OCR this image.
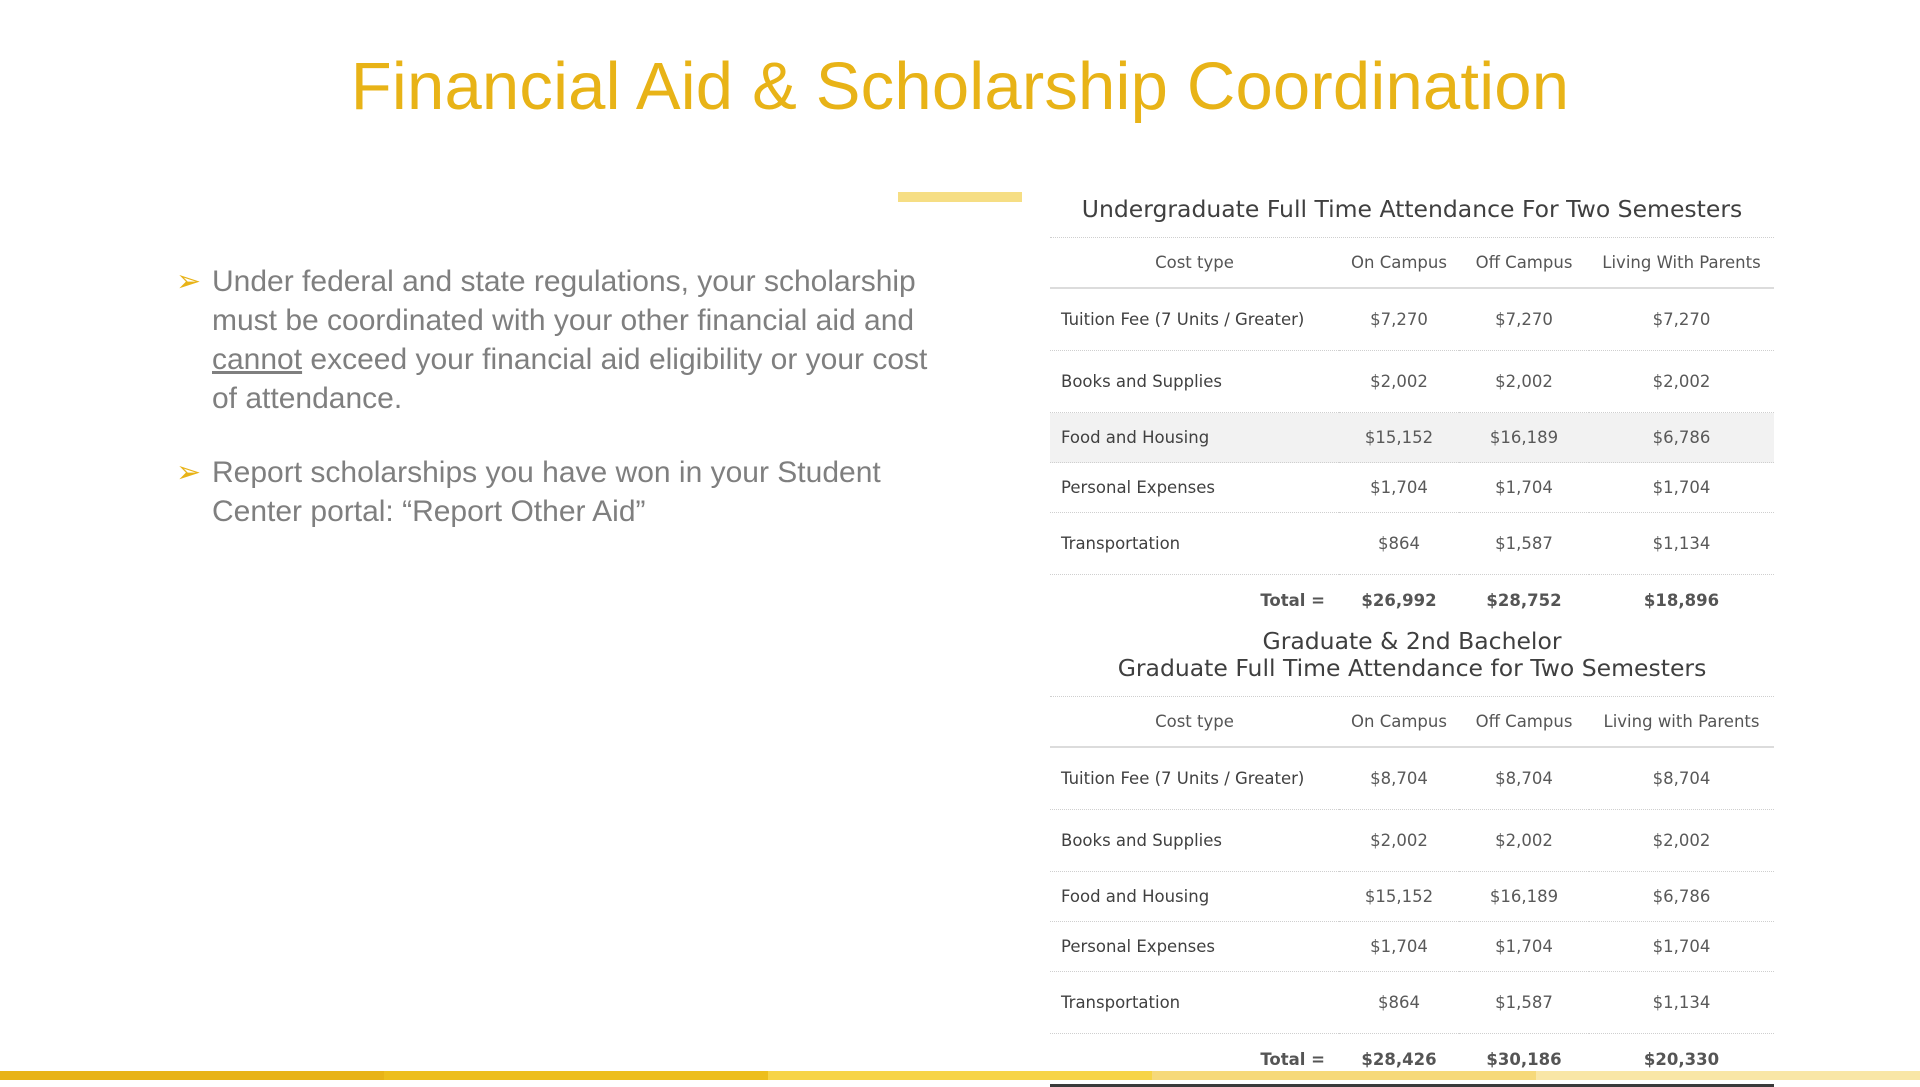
Financial Aid & Scholarship Coordination
➢ Under federal and state regulations, your scholarship must be coordinated with your other financial aid and cannot exceed your financial aid eligibility or your cost of attendance.
➢ Report scholarships you have won in your Student Center portal: “Report Other Aid”
Undergraduate Full Time Attendance For Two Semesters
Cost type	On Campus	Off Campus	Living With Parents
Tuition Fee (7 Units / Greater)	$7,270	$7,270	$7,270
Books and Supplies	$2,002	$2,002	$2,002
Food and Housing	$15,152	$16,189	$6,786
Personal Expenses	$1,704	$1,704	$1,704
Transportation	$864	$1,587	$1,134
Total =	$26,992	$28,752	$18,896
Graduate & 2nd Bachelor
Graduate Full Time Attendance for Two Semesters
Cost type	On Campus	Off Campus	Living with Parents
Tuition Fee (7 Units / Greater)	$8,704	$8,704	$8,704
Books and Supplies	$2,002	$2,002	$2,002
Food and Housing	$15,152	$16,189	$6,786
Personal Expenses	$1,704	$1,704	$1,704
Transportation	$864	$1,587	$1,134
Total =	$28,426	$30,186	$20,330
